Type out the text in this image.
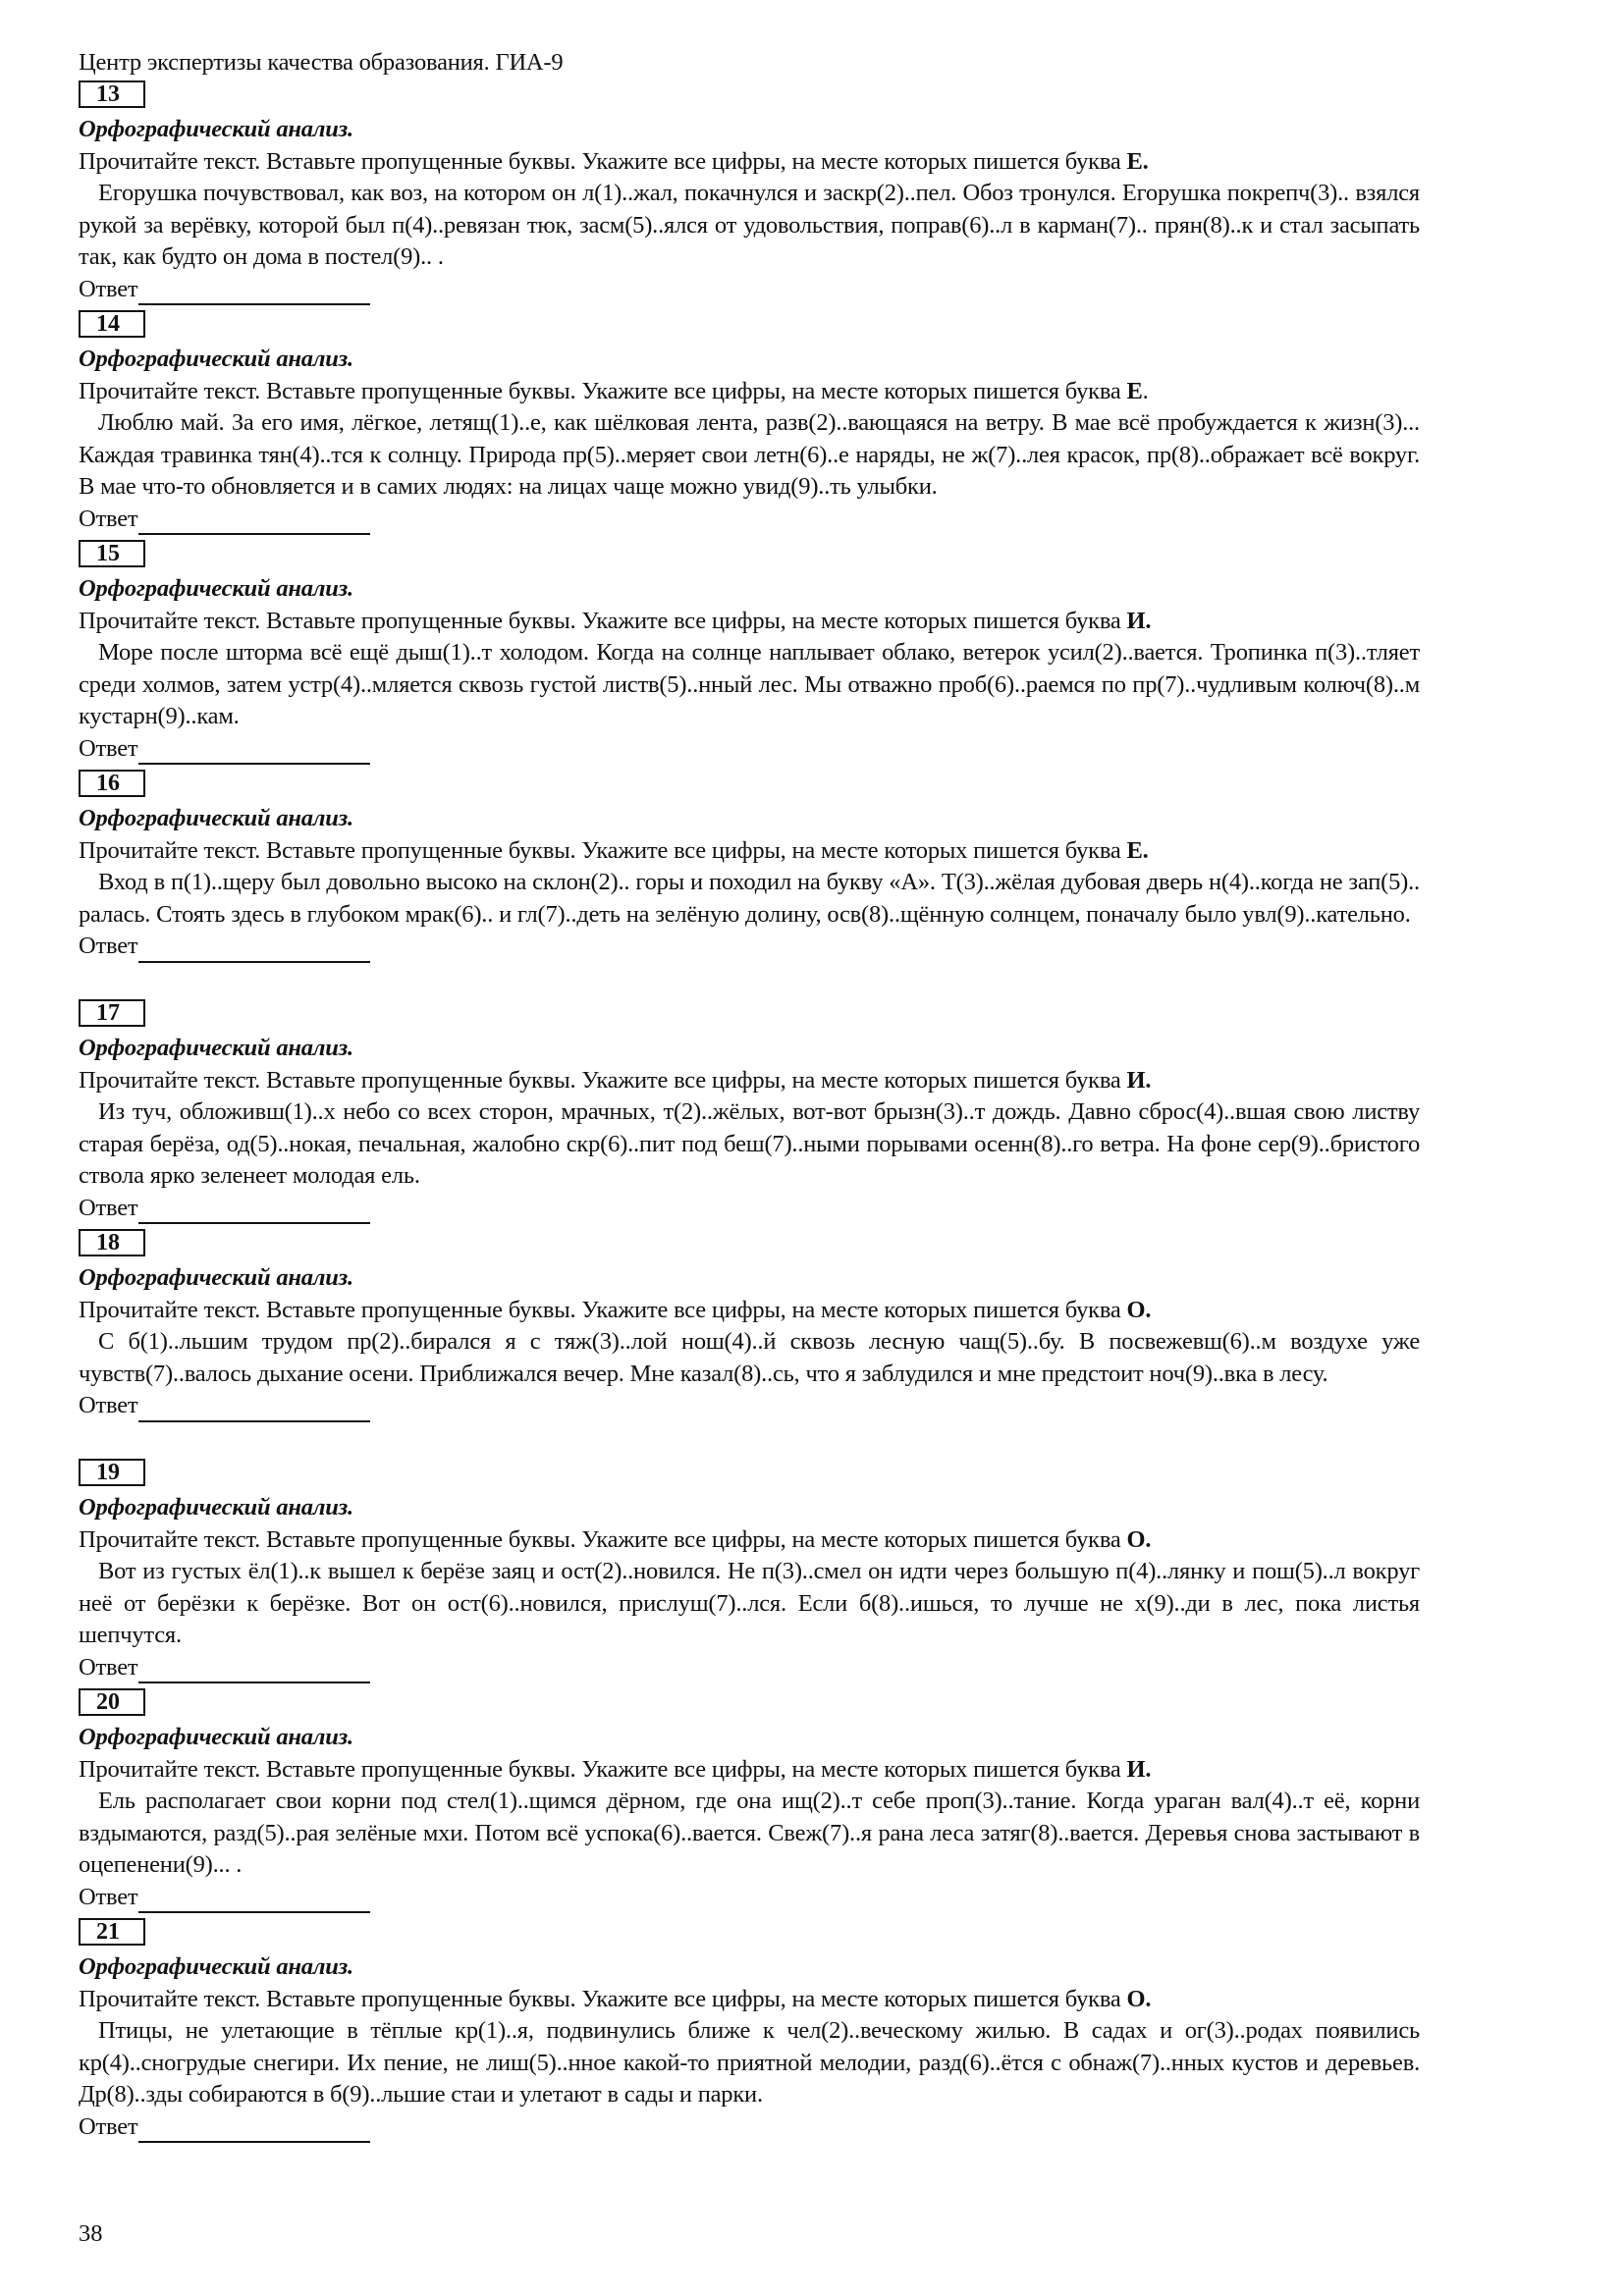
Центр экспертизы качества образования. ГИА-9
13
Орфографический анализ.
Прочитайте текст. Вставьте пропущенные буквы. Укажите все цифры, на месте которых пишется буква Е.
Егорушка почувствовал, как воз, на котором он л(1)..жал, покачнулся и заскр(2)..пел. Обоз тронулся. Егорушка покрепч(3).. взялся рукой за верёвку, которой был п(4)..ревязан тюк, засм(5)..ялся от удовольствия, поправ(6)..л в карман(7).. прян(8)..к и стал засыпать так, как будто он дома в постел(9).. .
Ответ
14
Орфографический анализ.
Прочитайте текст. Вставьте пропущенные буквы. Укажите все цифры, на месте которых пишется буква Е.
Люблю май. За его имя, лёгкое, летящ(1)..е, как шёлковая лента, разв(2)..вающаяся на ветру. В мае всё пробуждается к жизн(3)... Каждая травинка тян(4)..тся к солнцу. Природа пр(5)..меряет свои летн(6)..е наряды, не ж(7)..лея красок, пр(8)..ображает всё вокруг. В мае что-то обновляется и в самих людях: на лицах чаще можно увид(9)..ть улыбки.
Ответ
15
Орфографический анализ.
Прочитайте текст. Вставьте пропущенные буквы. Укажите все цифры, на месте которых пишется буква И.
Море после шторма всё ещё дыш(1)..т холодом. Когда на солнце наплывает облако, ветерок усил(2)..вается. Тропинка п(3)..тляет среди холмов, затем устр(4)..мляется сквозь густой листв(5)..нный лес. Мы отважно проб(6)..раемся по пр(7)..чудливым колюч(8)..м кустарн(9)..кам.
Ответ
16
Орфографический анализ.
Прочитайте текст. Вставьте пропущенные буквы. Укажите все цифры, на месте которых пишется буква Е.
Вход в п(1)..щеру был довольно высоко на склон(2).. горы и походил на букву «А». Т(3)..жёлая дубовая дверь н(4)..когда не зап(5).. ралась. Стоять здесь в глубоком мрак(6).. и гл(7)..деть на зелёную долину, осв(8)..щённую солнцем, поначалу было увл(9)..кательно.
Ответ
17
Орфографический анализ.
Прочитайте текст. Вставьте пропущенные буквы. Укажите все цифры, на месте которых пишется буква И.
Из туч, обложивш(1)..х небо со всех сторон, мрачных, т(2)..жёлых, вот-вот брызн(3)..т дождь. Давно сброс(4)..вшая свою листву старая берёза, од(5)..нокая, печальная, жалобно скр(6)..пит под беш(7)..ными порывами осенн(8)..го ветра. На фоне сер(9)..бристого ствола ярко зеленеет молодая ель.
Ответ
18
Орфографический анализ.
Прочитайте текст. Вставьте пропущенные буквы. Укажите все цифры, на месте которых пишется буква О.
С б(1)..льшим трудом пр(2)..бирался я с тяж(3)..лой нош(4)..й сквозь лесную чащ(5)..бу. В посвежевш(6)..м воздухе уже чувств(7)..валось дыхание осени. Приближался вечер. Мне казал(8)..сь, что я заблудился и мне предстоит ноч(9)..вка в лесу.
Ответ
19
Орфографический анализ.
Прочитайте текст. Вставьте пропущенные буквы. Укажите все цифры, на месте которых пишется буква О.
Вот из густых ёл(1)..к вышел к берёзе заяц и ост(2)..новился. Не п(3)..смел он идти через большую п(4)..лянку и пош(5)..л вокруг неё от берёзки к берёзке. Вот он ост(6)..новился, прислуш(7)..лся. Если б(8)..ишься, то лучше не х(9)..ди в лес, пока листья шепчутся.
Ответ
20
Орфографический анализ.
Прочитайте текст. Вставьте пропущенные буквы. Укажите все цифры, на месте которых пишется буква И.
Ель располагает свои корни под стел(1)..щимся дёрном, где она ищ(2)..т себе проп(3)..тание. Когда ураган вал(4)..т её, корни вздымаются, разд(5)..рая зелёные мхи. Потом всё успока(6)..вается. Свеж(7)..я рана леса затяг(8)..вается. Деревья снова застывают в оцепенени(9)... .
Ответ
21
Орфографический анализ.
Прочитайте текст. Вставьте пропущенные буквы. Укажите все цифры, на месте которых пишется буква О.
Птицы, не улетающие в тёплые кр(1)..я, подвинулись ближе к чел(2)..веческому жилью. В садах и ог(3)..родах появились кр(4)..сногрудые снегири. Их пение, не лиш(5)..нное какой-то приятной мелодии, разд(6)..ётся с обнаж(7)..нных кустов и деревьев. Др(8)..зды собираются в б(9)..льшие стаи и улетают в сады и парки.
Ответ
38
